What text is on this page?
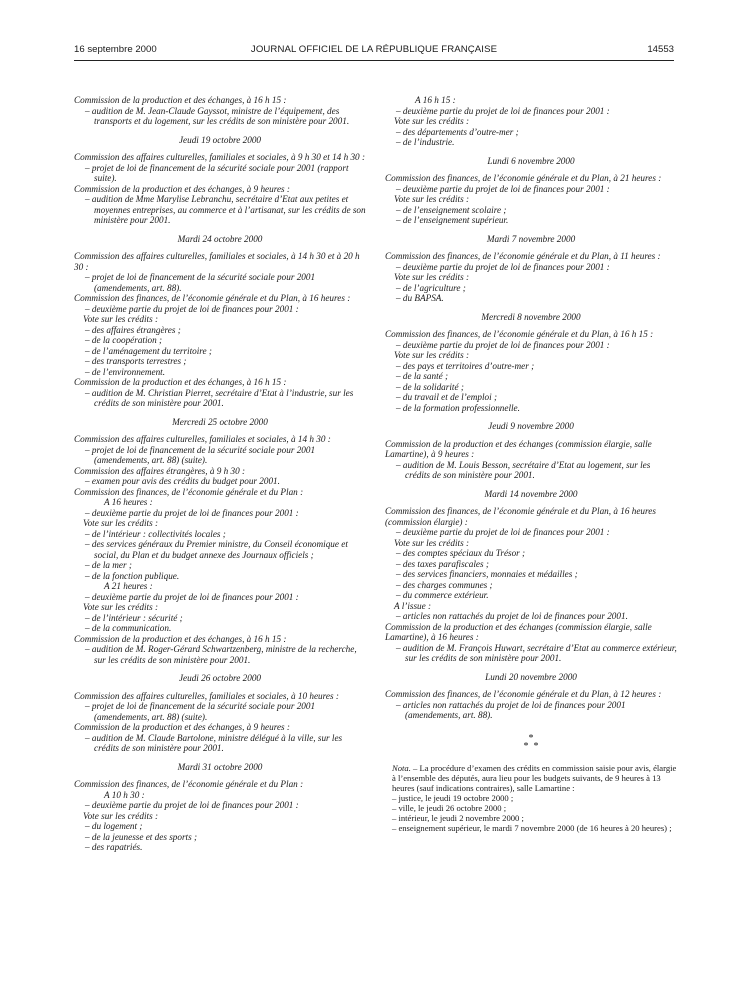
16 septembre 2000	JOURNAL OFFICIEL DE LA RÉPUBLIQUE FRANÇAISE	14553

Commission de la production et des échanges, à 16 h 15 :

– audition de M. Jean-Claude Gayssot, ministre de l’équipement, des transports et du logement, sur les crédits de son ministère pour 2001.

Jeudi 19 octobre 2000

Commission des affaires culturelles, familiales et sociales, à 9 h 30 et 14 h 30 :

– projet de loi de financement de la sécurité sociale pour 2001 (rapport suite).

Commission de la production et des échanges, à 9 heures :

– audition de Mme Marylise Lebranchu, secrétaire d’Etat aux petites et moyennes entreprises, au commerce et à l’artisanat, sur les crédits de son ministère pour 2001.

Mardi 24 octobre 2000

Commission des affaires culturelles, familiales et sociales, à 14 h 30 et à 20 h 30 :

– projet de loi de financement de la sécurité sociale pour 2001 (amendements, art. 88).

Commission des finances, de l’économie générale et du Plan, à 16 heures :

– deuxième partie du projet de loi de finances pour 2001 :

Vote sur les crédits :

– des affaires étrangères ;

– de la coopération ;

– de l’aménagement du territoire ;

– des transports terrestres ;

– de l’environnement.

Commission de la production et des échanges, à 16 h 15 :

– audition de M. Christian Pierret, secrétaire d’Etat à l’industrie, sur les crédits de son ministère pour 2001.

Mercredi 25 octobre 2000

Commission des affaires culturelles, familiales et sociales, à 14 h 30 :

– projet de loi de financement de la sécurité sociale pour 2001 (amendements, art. 88) (suite).

Commission des affaires étrangères, à 9 h 30 :

– examen pour avis des crédits du budget pour 2001.

Commission des finances, de l’économie générale et du Plan :

A 16 heures :

– deuxième partie du projet de loi de finances pour 2001 :

Vote sur les crédits :

– de l’intérieur : collectivités locales ;

– des services généraux du Premier ministre, du Conseil économique et social, du Plan et du budget annexe des Journaux officiels ;

– de la mer ;

– de la fonction publique.

A 21 heures :

– deuxième partie du projet de loi de finances pour 2001 :

Vote sur les crédits :

– de l’intérieur : sécurité ;

– de la communication.

Commission de la production et des échanges, à 16 h 15 :

– audition de M. Roger-Gérard Schwartzenberg, ministre de la recherche, sur les crédits de son ministère pour 2001.

Jeudi 26 octobre 2000

Commission des affaires culturelles, familiales et sociales, à 10 heures :

– projet de loi de financement de la sécurité sociale pour 2001 (amendements, art. 88) (suite).

Commission de la production et des échanges, à 9 heures :

– audition de M. Claude Bartolone, ministre délégué à la ville, sur les crédits de son ministère pour 2001.

Mardi 31 octobre 2000

Commission des finances, de l’économie générale et du Plan :

A 10 h 30 :

– deuxième partie du projet de loi de finances pour 2001 :

Vote sur les crédits :

– du logement ;

– de la jeunesse et des sports ;

– des rapatriés.

A 16 h 15 :

– deuxième partie du projet de loi de finances pour 2001 :

Vote sur les crédits :

– des départements d’outre-mer ;

– de l’industrie.

Lundi 6 novembre 2000

Commission des finances, de l’économie générale et du Plan, à 21 heures :

– deuxième partie du projet de loi de finances pour 2001 :

Vote sur les crédits :

– de l’enseignement scolaire ;

– de l’enseignement supérieur.

Mardi 7 novembre 2000

Commission des finances, de l’économie générale et du Plan, à 11 heures :

– deuxième partie du projet de loi de finances pour 2001 :

Vote sur les crédits :

– de l’agriculture ;

– du BAPSA.

Mercredi 8 novembre 2000

Commission des finances, de l’économie générale et du Plan, à 16 h 15 :

– deuxième partie du projet de loi de finances pour 2001 :

Vote sur les crédits :

– des pays et territoires d’outre-mer ;

– de la santé ;

– de la solidarité ;

– du travail et de l’emploi ;

– de la formation professionnelle.

Jeudi 9 novembre 2000

Commission de la production et des échanges (commission élargie, salle Lamartine), à 9 heures :

– audition de M. Louis Besson, secrétaire d’Etat au logement, sur les crédits de son ministère pour 2001.

Mardi 14 novembre 2000

Commission des finances, de l’économie générale et du Plan, à 16 heures (commission élargie) :

– deuxième partie du projet de loi de finances pour 2001 :

Vote sur les crédits :

– des comptes spéciaux du Trésor ;

– des taxes parafiscales ;

– des services financiers, monnaies et médailles ;

– des charges communes ;

– du commerce extérieur.

A l’issue :

– articles non rattachés du projet de loi de finances pour 2001.

Commission de la production et des échanges (commission élargie, salle Lamartine), à 16 heures :

– audition de M. François Huwart, secrétaire d’Etat au commerce extérieur, sur les crédits de son ministère pour 2001.

Lundi 20 novembre 2000

Commission des finances, de l’économie générale et du Plan, à 12 heures :

– articles non rattachés du projet de loi de finances pour 2001 (amendements, art. 88).

*
*  *

Nota. – La procédure d’examen des crédits en commission saisie pour avis, élargie à l’ensemble des députés, aura lieu pour les budgets suivants, de 9 heures à 13 heures (sauf indications contraires), salle Lamartine :

– justice, le jeudi 19 octobre 2000 ;

– ville, le jeudi 26 octobre 2000 ;

– intérieur, le jeudi 2 novembre 2000 ;

– enseignement supérieur, le mardi 7 novembre 2000 (de 16 heures à 20 heures) ;
